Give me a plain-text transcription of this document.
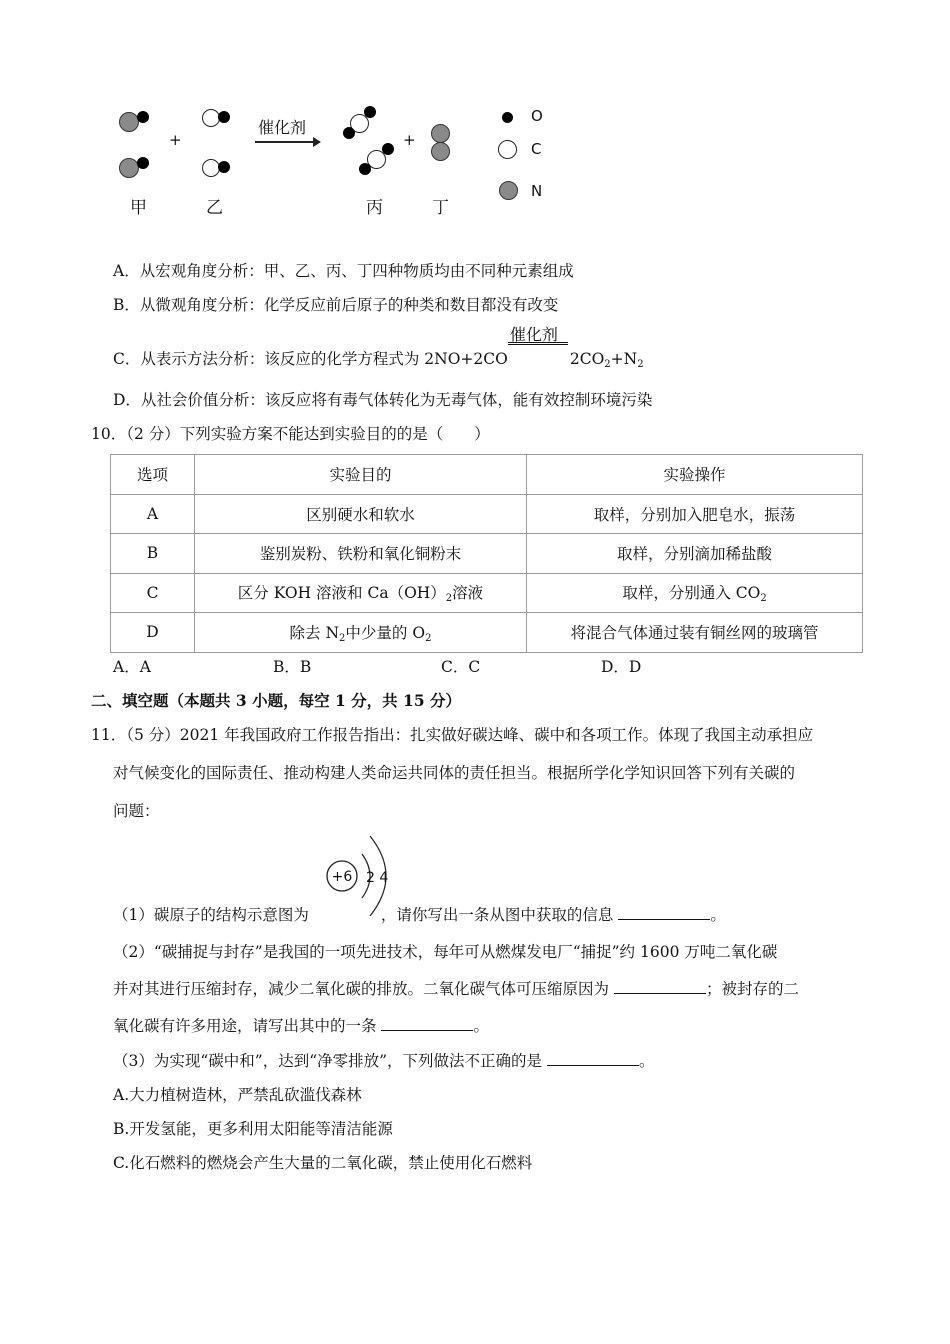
+
催化剂
+
甲	乙	丙	丁
O
C
N
A．从宏观角度分析：甲、乙、丙、丁四种物质均由不同种元素组成
B．从微观角度分析：化学反应前后原子的种类和数目都没有改变
C．从表示方法分析：该反应的化学方程式为 2NO+2CO
催化剂
$2CO_2+N_2$
D．从社会价值分析：该反应将有毒气体转化为无毒气体，能有效控制环境污染
10．（2 分）下列实验方案不能达到实验目的的是（　　）
选项	实验目的	实验操作
A	区别硬水和软水	取样，分别加入肥皂水，振荡
B	鉴别炭粉、铁粉和氧化铜粉末	取样，分别滴加稀盐酸
C	区分 KOH 溶液和 $Ca(OH)_2$溶液	取样，分别通入 $CO_2$
D	除去 $N_2$中少量的 $O_2$	将混合气体通过装有铜丝网的玻璃管
A．A	B．B	C．C	D．D
二、填空题（本题共 3 小题，每空 1 分，共 15 分）
11．（5 分）2021 年我国政府工作报告指出：扎实做好碳达峰、碳中和各项工作。体现了我国主动承担应
对气候变化的国际责任、推动构建人类命运共同体的责任担当。根据所学化学知识回答下列有关碳的
问题：
+6 2 4
（1）碳原子的结构示意图为	，请你写出一条从图中获取的信息	。
（2）“碳捕捉与封存”是我国的一项先进技术，每年可从燃煤发电厂“捕捉”约 1600 万吨二氧化碳
并对其进行压缩封存，减少二氧化碳的排放。二氧化碳气体可压缩原因为	；被封存的二
氧化碳有许多用途，请写出其中的一条	。
（3）为实现“碳中和”，达到“净零排放”，下列做法不正确的是	。
A.大力植树造林，严禁乱砍滥伐森林
B.开发氢能，更多利用太阳能等清洁能源
C.化石燃料的燃烧会产生大量的二氧化碳，禁止使用化石燃料
